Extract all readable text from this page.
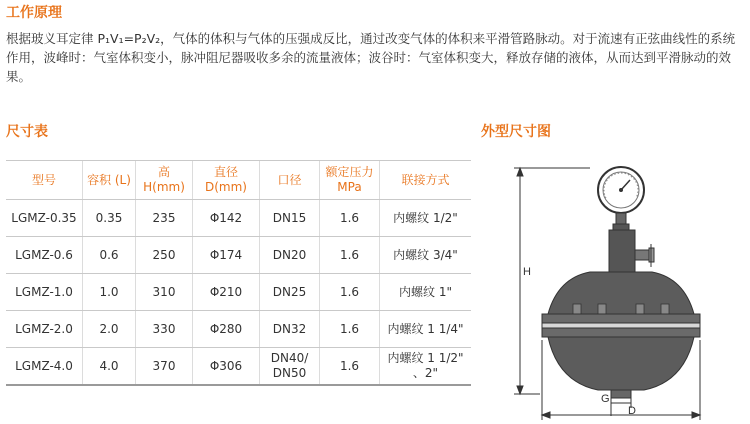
工作原理

根据玻义耳定律 P₁V₁=P₂V₂，气体的体积与气体的压强成反比，通过改变气体的体积来平滑管路脉动。对于流速有正弦曲线性的系统作用，波峰时：气室体积变小，脉冲阻尼器吸收多余的流量液体；波谷时：气室体积变大，释放存储的液体，从而达到平滑脉动的效果。

尺寸表	外型尺寸图
型号	容积 (L)	高 H(mm)	直径 D(mm)	口径	额定压力 MPa	联接方式
LGMZ-0.35	0.35	235	Φ142	DN15	1.6	内螺纹 1/2"
LGMZ-0.6	0.6	250	Φ174	DN20	1.6	内螺纹 3/4"
LGMZ-1.0	1.0	310	Φ210	DN25	1.6	内螺纹 1"
LGMZ-2.0	2.0	330	Φ280	DN32	1.6	内螺纹 1 1/4"
LGMZ-4.0	4.0	370	Φ306	DN40/ DN50	1.6	内螺纹 1 1/2" 、2"
H
G
D
